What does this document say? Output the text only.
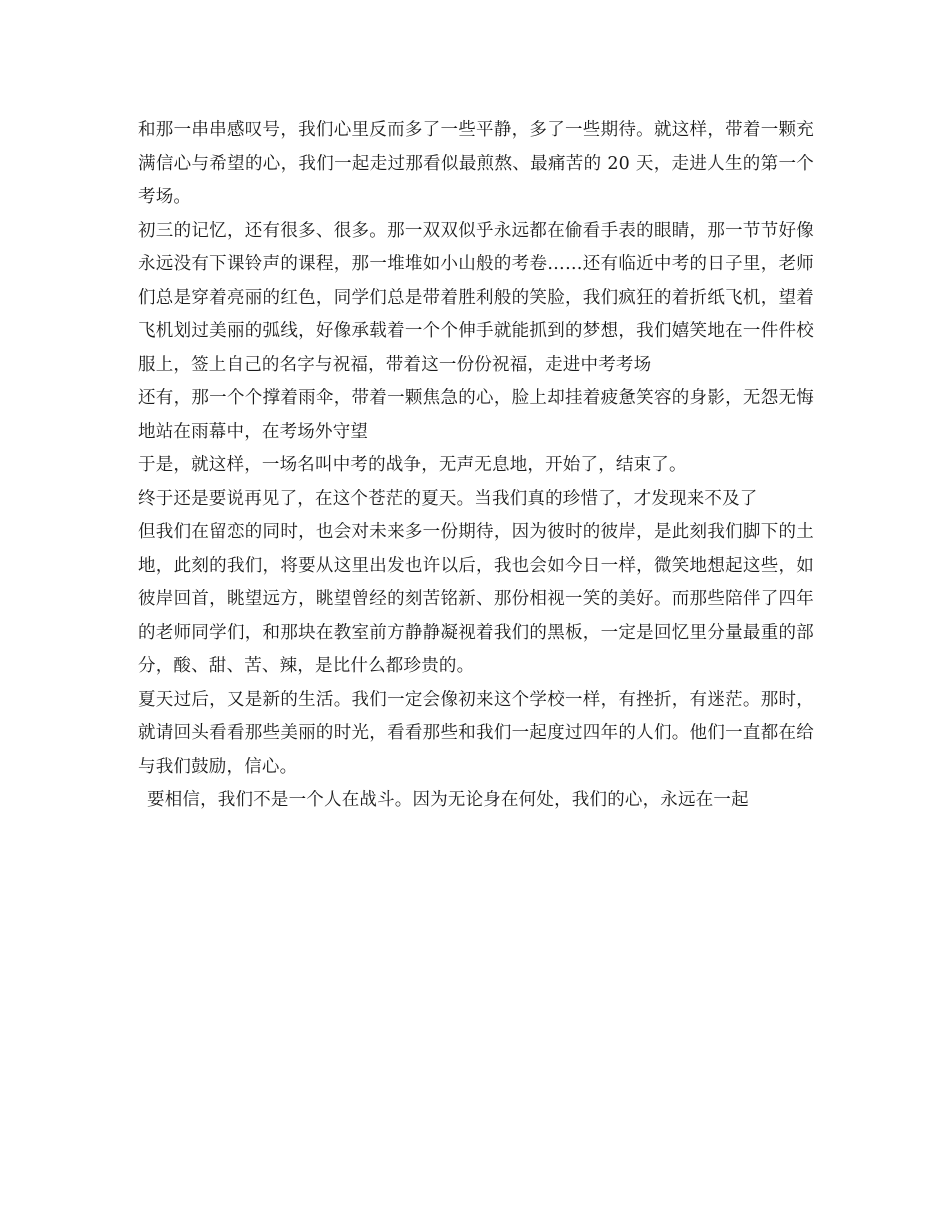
和那一串串感叹号，我们心里反而多了一些平静，多了一些期待。就这样，带着一颗充满信心与希望的心，我们一起走过那看似最煎熬、最痛苦的 20 天，走进人生的第一个考场。

初三的记忆，还有很多、很多。那一双双似乎永远都在偷看手表的眼睛，那一节节好像永远没有下课铃声的课程，那一堆堆如小山般的考卷……还有临近中考的日子里，老师们总是穿着亮丽的红色，同学们总是带着胜利般的笑脸，我们疯狂的着折纸飞机，望着飞机划过美丽的弧线，好像承载着一个个伸手就能抓到的梦想，我们嬉笑地在一件件校服上，签上自己的名字与祝福，带着这一份份祝福，走进中考考场

还有，那一个个撑着雨伞，带着一颗焦急的心，脸上却挂着疲惫笑容的身影，无怨无悔地站在雨幕中，在考场外守望

于是，就这样，一场名叫中考的战争，无声无息地，开始了，结束了。

终于还是要说再见了，在这个苍茫的夏天。当我们真的珍惜了，才发现来不及了

但我们在留恋的同时，也会对未来多一份期待，因为彼时的彼岸，是此刻我们脚下的土地，此刻的我们，将要从这里出发也许以后，我也会如今日一样，微笑地想起这些，如彼岸回首，眺望远方，眺望曾经的刻苦铭新、那份相视一笑的美好。而那些陪伴了四年的老师同学们，和那块在教室前方静静凝视着我们的黑板，一定是回忆里分量最重的部分，酸、甜、苦、辣，是比什么都珍贵的。

夏天过后，又是新的生活。我们一定会像初来这个学校一样，有挫折，有迷茫。那时，就请回头看看那些美丽的时光，看看那些和我们一起度过四年的人们。他们一直都在给与我们鼓励，信心。

要相信，我们不是一个人在战斗。因为无论身在何处，我们的心，永远在一起
